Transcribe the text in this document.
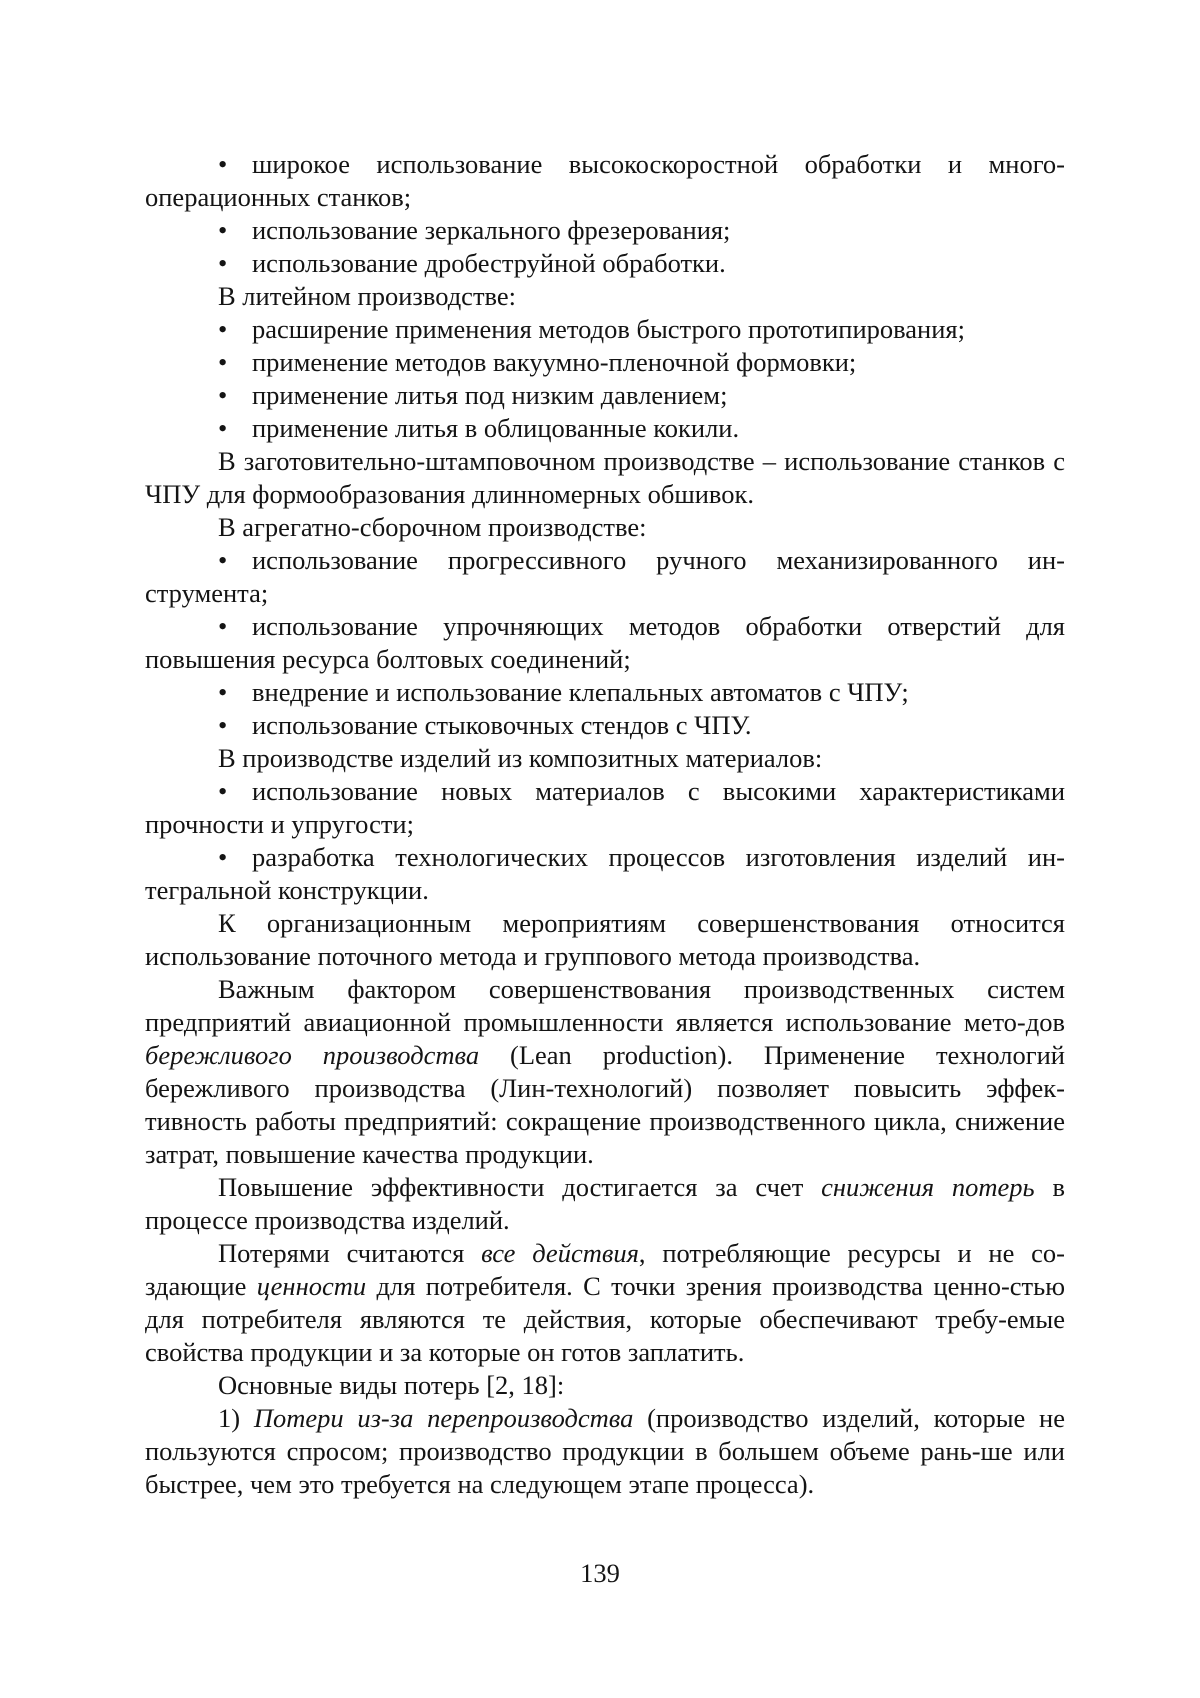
• широкое использование высокоскоростной обработки и много-операционных станков;

• использование зеркального фрезерования;

• использование дробеструйной обработки.

В литейном производстве:

• расширение применения методов быстрого прототипирования;

• применение методов вакуумно-пленочной формовки;

• применение литья под низким давлением;

• применение литья в облицованные кокили.

В заготовительно-штамповочном производстве – использование станков с ЧПУ для формообразования длинномерных обшивок.

В агрегатно-сборочном производстве:

• использование прогрессивного ручного механизированного ин-струмента;

• использование упрочняющих методов обработки отверстий для повышения ресурса болтовых соединений;

• внедрение и использование клепальных автоматов с ЧПУ;

• использование стыковочных стендов с ЧПУ.

В производстве изделий из композитных материалов:

• использование новых материалов с высокими характеристиками прочности и упругости;

• разработка технологических процессов изготовления изделий ин-тегральной конструкции.

К организационным мероприятиям совершенствования относится использование поточного метода и группового метода производства.

Важным фактором совершенствования производственных систем предприятий авиационной промышленности является использование мето-дов бережливого производства (Lean production). Применение технологий бережливого производства (Лин-технологий) позволяет повысить эффек-тивность работы предприятий: сокращение производственного цикла, снижение затрат, повышение качества продукции.

Повышение эффективности достигается за счет снижения потерь в процессе производства изделий.

Потерями считаются все действия, потребляющие ресурсы и не со-здающие ценности для потребителя. С точки зрения производства ценно-стью для потребителя являются те действия, которые обеспечивают требу-емые свойства продукции и за которые он готов заплатить.

Основные виды потерь [2, 18]:

1) Потери из-за перепроизводства (производство изделий, которые не пользуются спросом; производство продукции в большем объеме рань-ше или быстрее, чем это требуется на следующем этапе процесса).

139
